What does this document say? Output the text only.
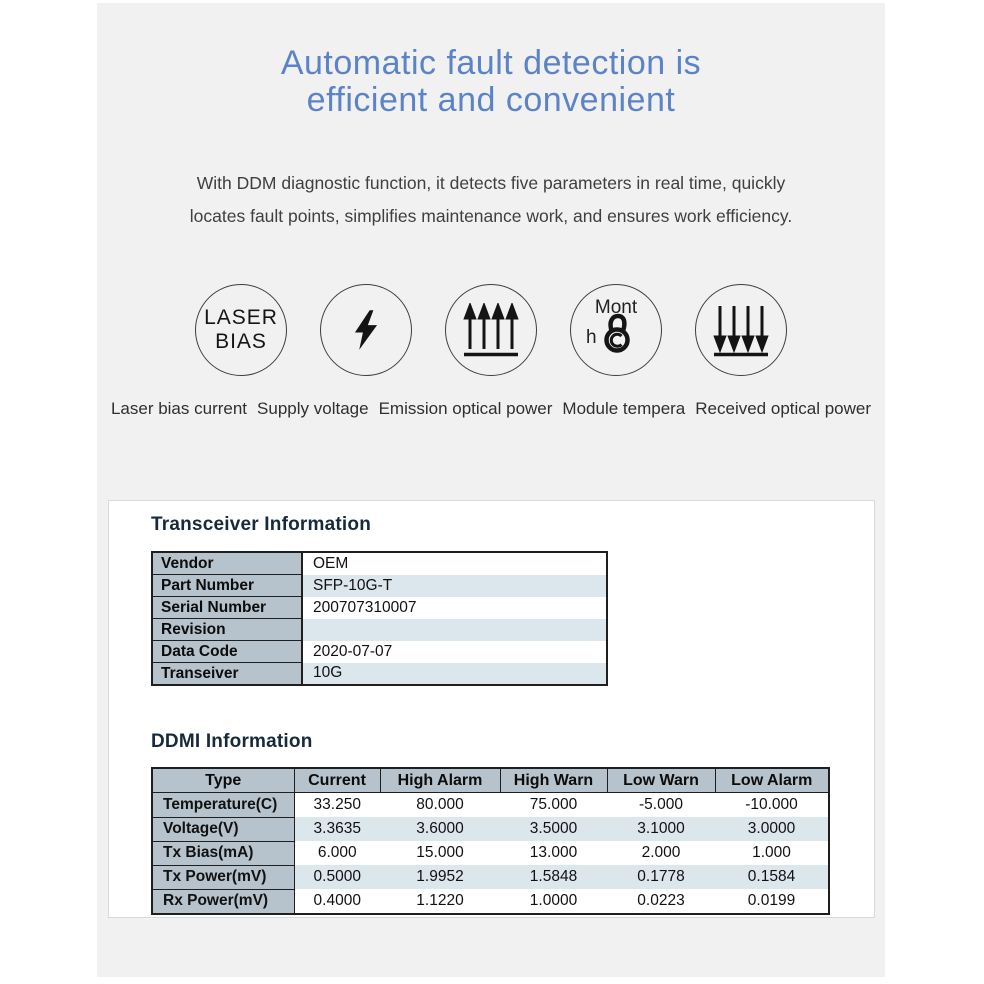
Automatic fault detection is
efficient and convenient
With DDM diagnostic function, it detects five parameters in real time, quickly
locates fault points, simplifies maintenance work, and ensures work efficiency.
LASER
BIAS
Mont
h
Laser bias current Supply voltage Emission optical power Module tempera Received optical power
Transceiver Information
Vendor	OEM
Part Number	SFP-10G-T
Serial Number	200707310007
Revision	
Data Code	2020-07-07
Transeiver	10G
DDMI Information
Type	Current	High Alarm	High Warn	Low Warn	Low Alarm
Temperature(C)	33.250	80.000	75.000	-5.000	-10.000
Voltage(V)	3.3635	3.6000	3.5000	3.1000	3.0000
Tx Bias(mA)	6.000	15.000	13.000	2.000	1.000
Tx Power(mV)	0.5000	1.9952	1.5848	0.1778	0.1584
Rx Power(mV)	0.4000	1.1220	1.0000	0.0223	0.0199
